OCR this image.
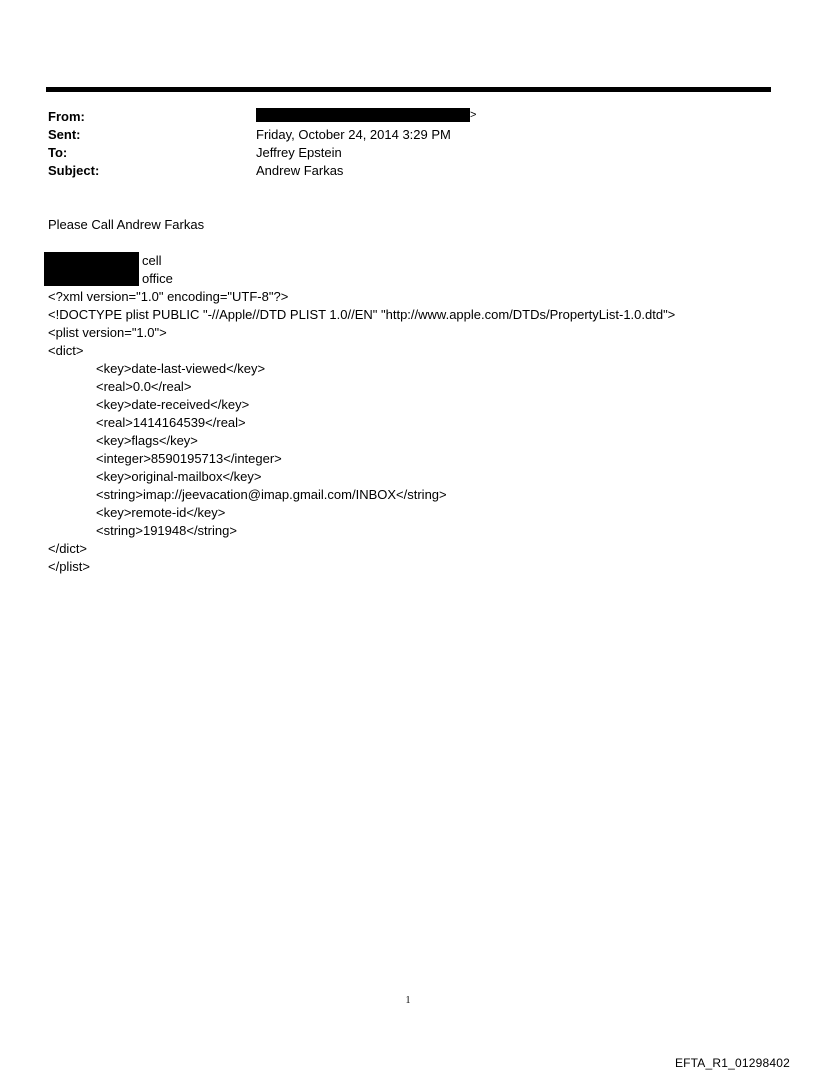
From:	>
Sent:	Friday, October 24, 2014 3:29 PM
To:	Jeffrey Epstein
Subject:	Andrew Farkas
Please Call Andrew Farkas
cell
office
<?xml version="1.0" encoding="UTF-8"?>
<!DOCTYPE plist PUBLIC "-//Apple//DTD PLIST 1.0//EN" "http://www.apple.com/DTDs/PropertyList-1.0.dtd">
<plist version="1.0">
<dict>
<key>date-last-viewed</key>
<real>0.0</real>
<key>date-received</key>
<real>1414164539</real>
<key>flags</key>
<integer>8590195713</integer>
<key>original-mailbox</key>
<string>imap://jeevacation@imap.gmail.com/INBOX</string>
<key>remote-id</key>
<string>191948</string>
</dict>
</plist>
1
EFTA_R1_01298402
